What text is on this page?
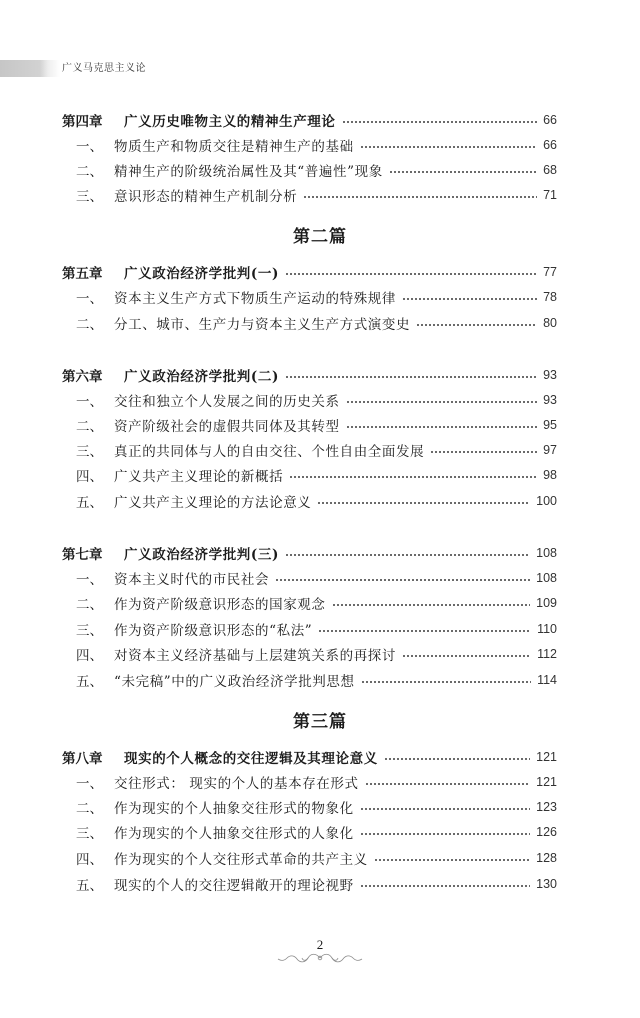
广义马克思主义论
第四章	广义历史唯物主义的精神生产理论	66
一、 物质生产和物质交往是精神生产的基础	66
二、 精神生产的阶级统治属性及其“普遍性”现象	68
三、 意识形态的精神生产机制分析	71
第二篇
第五章	广义政治经济学批判(一)	77
一、 资本主义生产方式下物质生产运动的特殊规律	78
二、 分工、城市、生产力与资本主义生产方式演变史	80
第六章	广义政治经济学批判(二)	93
一、 交往和独立个人发展之间的历史关系	93
二、 资产阶级社会的虚假共同体及其转型	95
三、 真正的共同体与人的自由交往、个性自由全面发展	97
四、 广义共产主义理论的新概括	98
五、 广义共产主义理论的方法论意义	100
第七章	广义政治经济学批判(三)	108
一、 资本主义时代的市民社会	108
二、 作为资产阶级意识形态的国家观念	109
三、 作为资产阶级意识形态的“私法”	110
四、 对资本主义经济基础与上层建筑关系的再探讨	112
五、 “未完稿”中的广义政治经济学批判思想	114
第三篇
第八章	现实的个人概念的交往逻辑及其理论意义	121
一、 交往形式： 现实的个人的基本存在形式	121
二、 作为现实的个人抽象交往形式的物象化	123
三、 作为现实的个人抽象交往形式的人象化	126
四、 作为现实的个人交往形式革命的共产主义	128
五、 现实的个人的交往逻辑敞开的理论视野	130
2
